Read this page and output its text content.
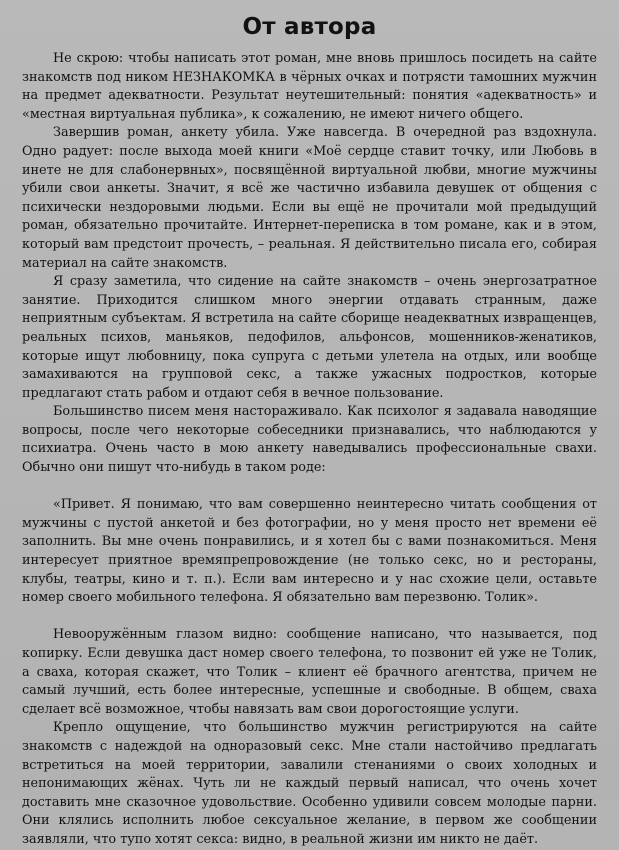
От автора

Не скрою: чтобы написать этот роман, мне вновь пришлось посидеть на сайте знакомств под ником НЕЗНАКОМКА в чёрных очках и потрясти тамошних мужчин на предмет адекватности. Результат неутешительный: понятия «адекватность» и «местная виртуальная публика», к сожалению, не имеют ничего общего.

Завершив роман, анкету убила. Уже навсегда. В очередной раз вздохнула. Одно радует: после выхода моей книги «Моё сердце ставит точку, или Любовь в инете не для слабонервных», посвящённой виртуальной любви, многие мужчины убили свои анкеты. Значит, я всё же частично избавила девушек от общения с психически нездоровыми людьми. Если вы ещё не прочитали мой предыдущий роман, обязательно прочитайте. Интернет-переписка в том романе, как и в этом, который вам предстоит прочесть, – реальная. Я действительно писала его, собирая материал на сайте знакомств.

Я сразу заметила, что сидение на сайте знакомств – очень энергозатратное занятие. Приходится слишком много энергии отдавать странным, даже неприятным субъектам. Я встретила на сайте сборище неадекватных извращенцев, реальных психов, маньяков, педофилов, альфонсов, мошенников-женатиков, которые ищут любовницу, пока супруга с детьми улетела на отдых, или вообще замахиваются на групповой секс, а также ужасных подростков, которые предлагают стать рабом и отдают себя в вечное пользование.

Большинство писем меня настораживало. Как психолог я задавала наводящие вопросы, после чего некоторые собеседники признавались, что наблюдаются у психиатра. Очень часто в мою анкету наведывались профессиональные свахи. Обычно они пишут что-нибудь в таком роде:

«Привет. Я понимаю, что вам совершенно неинтересно читать сообщения от мужчины с пустой анкетой и без фотографии, но у меня просто нет времени её заполнить. Вы мне очень понравились, и я хотел бы с вами познакомиться. Меня интересует приятное времяпрепровождение (не только секс, но и рестораны, клубы, театры, кино и т. п.). Если вам интересно и у нас схожие цели, оставьте номер своего мобильного телефона. Я обязательно вам перезвоню. Толик».

Невооружённым глазом видно: сообщение написано, что называется, под копирку. Если девушка даст номер своего телефона, то позвонит ей уже не Толик, а сваха, которая скажет, что Толик – клиент её брачного агентства, причем не самый лучший, есть более интересные, успешные и свободные. В общем, сваха сделает всё возможное, чтобы навязать вам свои дорогостоящие услуги.

Крепло ощущение, что большинство мужчин регистрируются на сайте знакомств с надеждой на одноразовый секс. Мне стали настойчиво предлагать встретиться на моей территории, завалили стенаниями о своих холодных и непонимающих жёнах. Чуть ли не каждый первый написал, что очень хочет доставить мне сказочное удовольствие. Особенно удивили совсем молодые парни. Они клялись исполнить любое сексуальное желание, в первом же сообщении заявляли, что тупо хотят секса: видно, в реальной жизни им никто не даёт.
